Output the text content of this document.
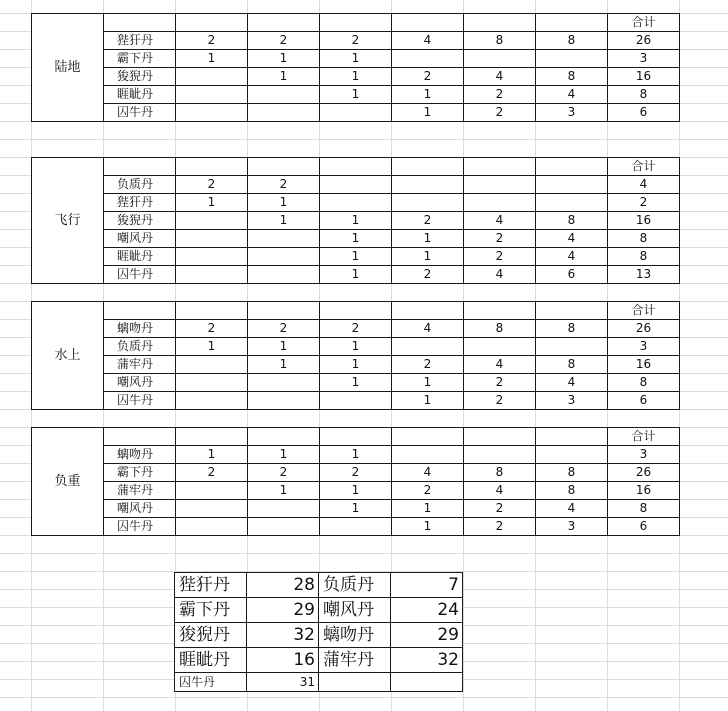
陆地								合计
	狴犴丹	2	2	2	4	8	8	26
	霸下丹	1	1	1				3
	狻猊丹		1	1	2	4	8	16
	睚眦丹			1	1	2	4	8
	囚牛丹				1	2	3	6
飞行								合计
	负质丹	2	2					4
	狴犴丹	1	1					2
	狻猊丹		1	1	2	4	8	16
	嘲风丹			1	1	2	4	8
	睚眦丹			1	1	2	4	8
	囚牛丹			1	2	4	6	13
水上								合计
	螭吻丹	2	2	2	4	8	8	26
	负质丹	1	1	1				3
	蒲牢丹		1	1	2	4	8	16
	嘲风丹			1	1	2	4	8
	囚牛丹				1	2	3	6
负重								合计
	螭吻丹	1	1	1				3
	霸下丹	2	2	2	4	8	8	26
	蒲牢丹		1	1	2	4	8	16
	嘲风丹			1	1	2	4	8
	囚牛丹				1	2	3	6
狴犴丹	28	负质丹	7
霸下丹	29	嘲风丹	24
狻猊丹	32	螭吻丹	29
睚眦丹	16	蒲牢丹	32
囚牛丹	31		
